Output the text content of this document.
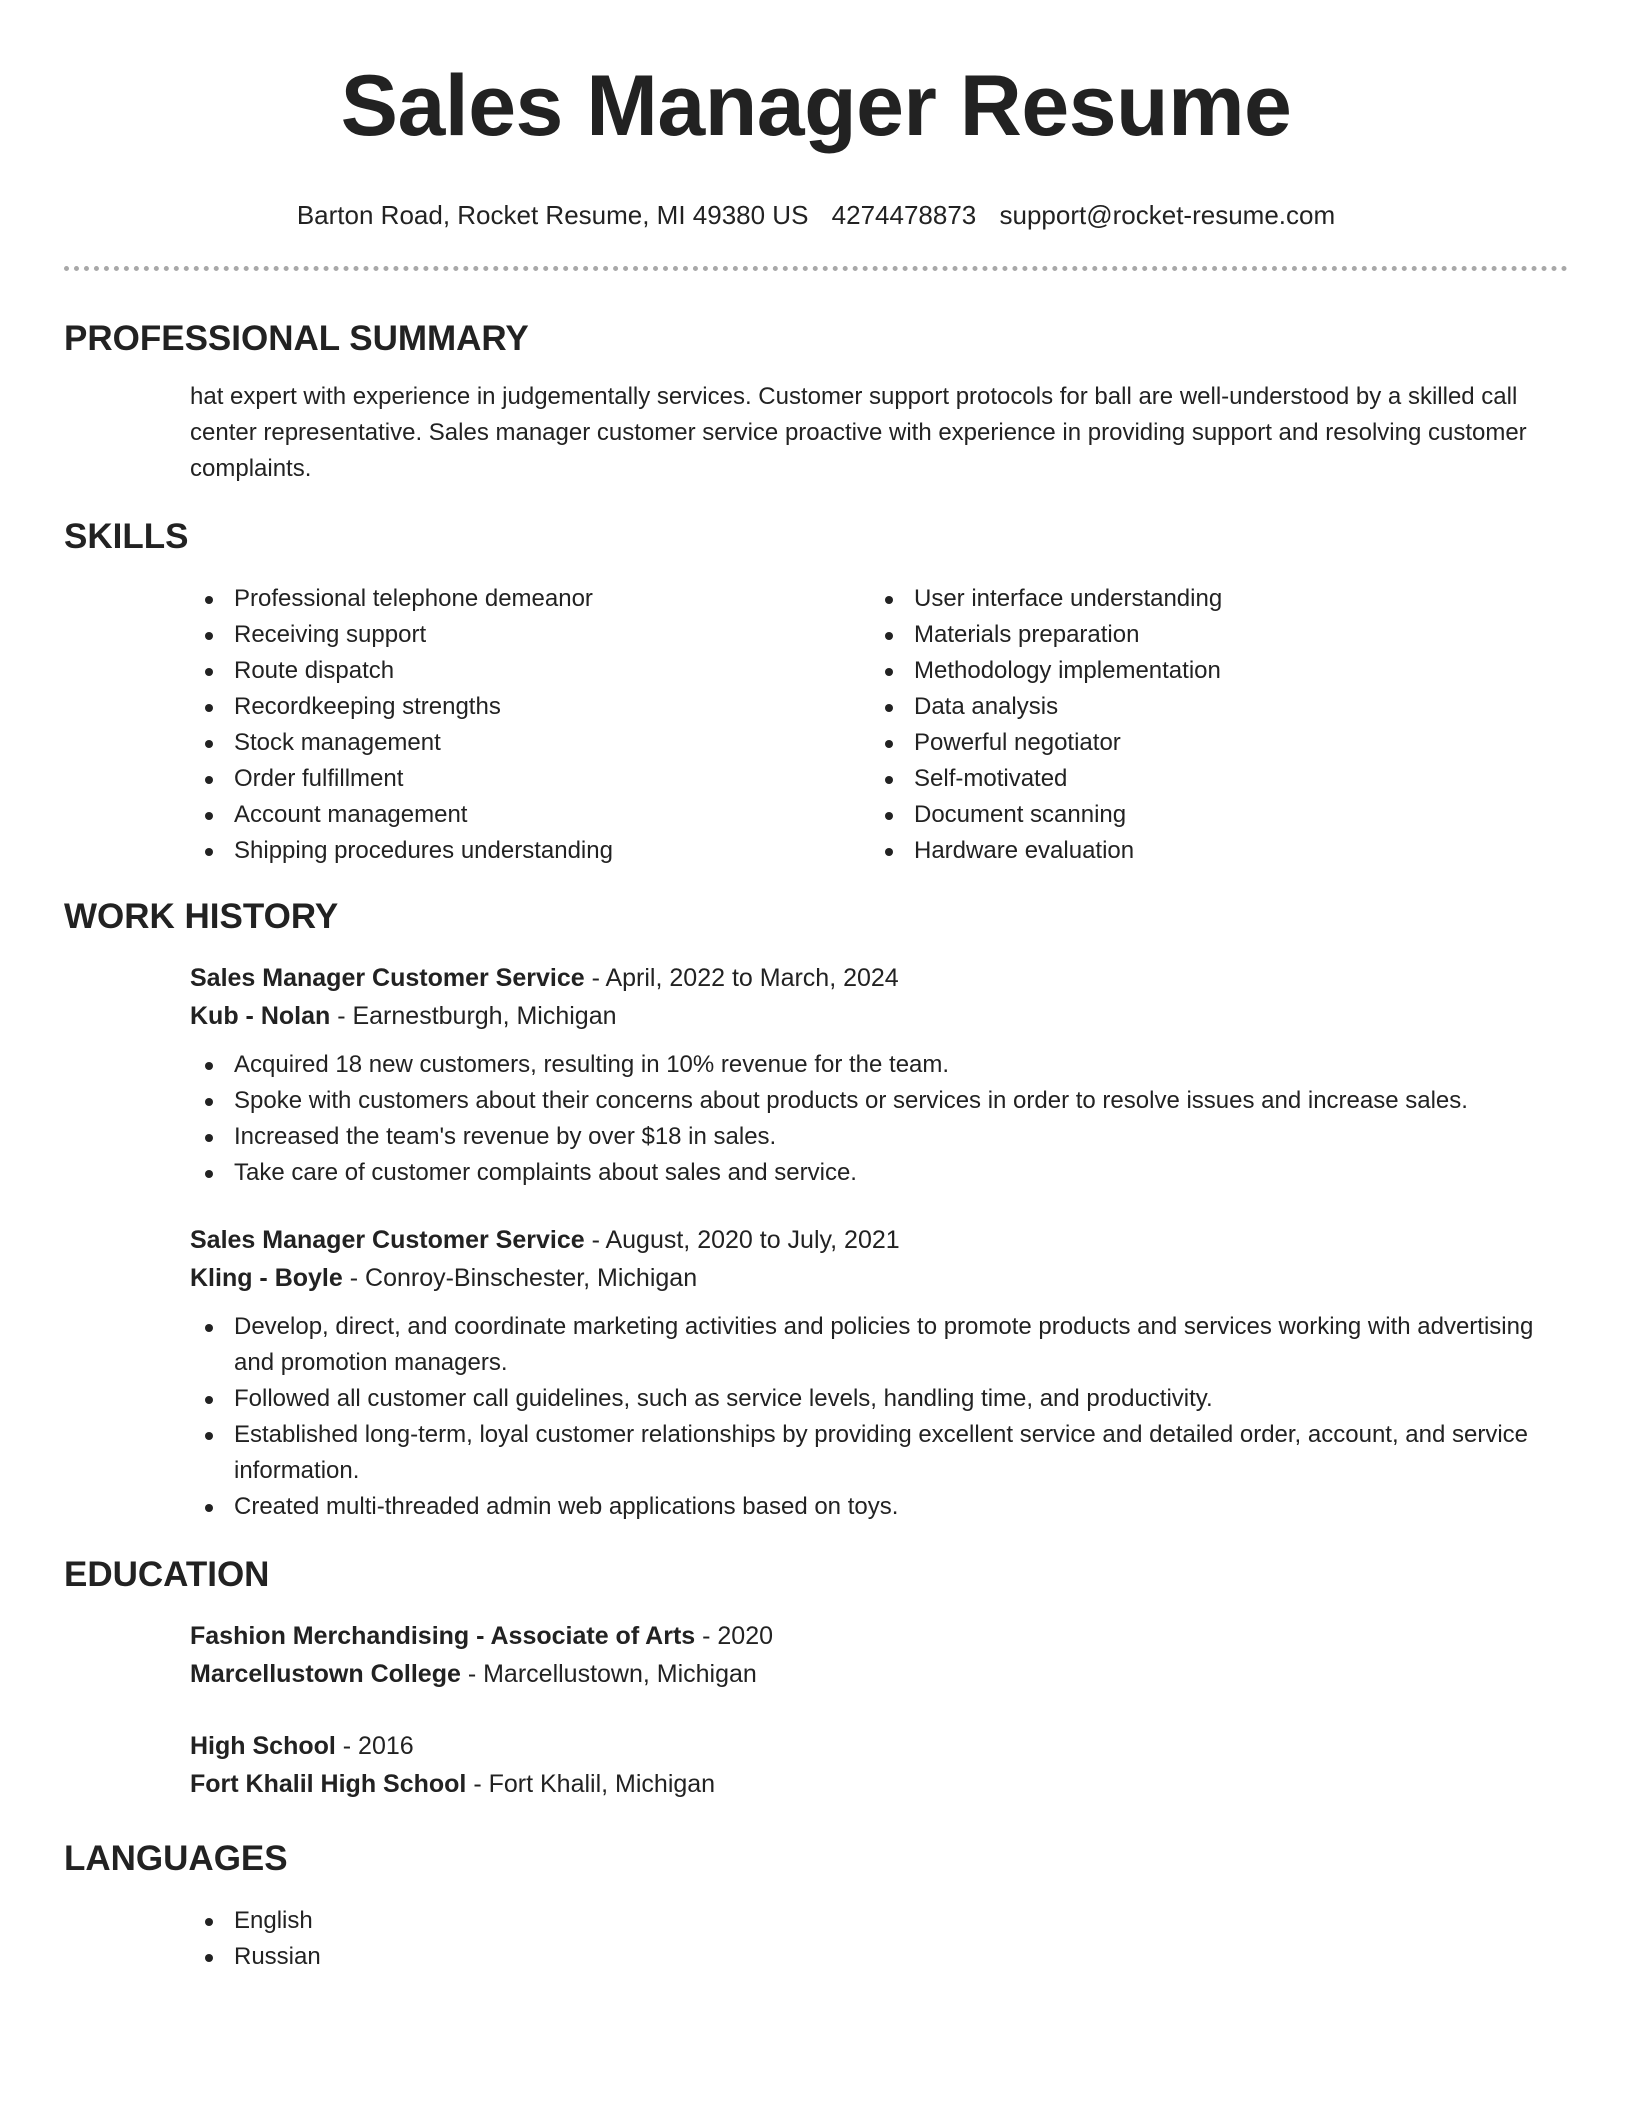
Sales Manager Resume
Barton Road, Rocket Resume, MI 49380 US 4274478873 support@rocket-resume.com
PROFESSIONAL SUMMARY
hat expert with experience in judgementally services. Customer support protocols for ball are well-understood by a skilled call center representative. Sales manager customer service proactive with experience in providing support and resolving customer complaints.
SKILLS
Professional telephone demeanor
Receiving support
Route dispatch
Recordkeeping strengths
Stock management
Order fulfillment
Account management
Shipping procedures understanding
User interface understanding
Materials preparation
Methodology implementation
Data analysis
Powerful negotiator
Self-motivated
Document scanning
Hardware evaluation
WORK HISTORY
Sales Manager Customer Service - April, 2022 to March, 2024
Kub - Nolan - Earnestburgh, Michigan
Acquired 18 new customers, resulting in 10% revenue for the team.
Spoke with customers about their concerns about products or services in order to resolve issues and increase sales.
Increased the team's revenue by over $18 in sales.
Take care of customer complaints about sales and service.
Sales Manager Customer Service - August, 2020 to July, 2021
Kling - Boyle - Conroy-Binschester, Michigan
Develop, direct, and coordinate marketing activities and policies to promote products and services working with advertising and promotion managers.
Followed all customer call guidelines, such as service levels, handling time, and productivity.
Established long-term, loyal customer relationships by providing excellent service and detailed order, account, and service information.
Created multi-threaded admin web applications based on toys.
EDUCATION
Fashion Merchandising - Associate of Arts - 2020
Marcellustown College - Marcellustown, Michigan
High School - 2016
Fort Khalil High School - Fort Khalil, Michigan
LANGUAGES
English
Russian
